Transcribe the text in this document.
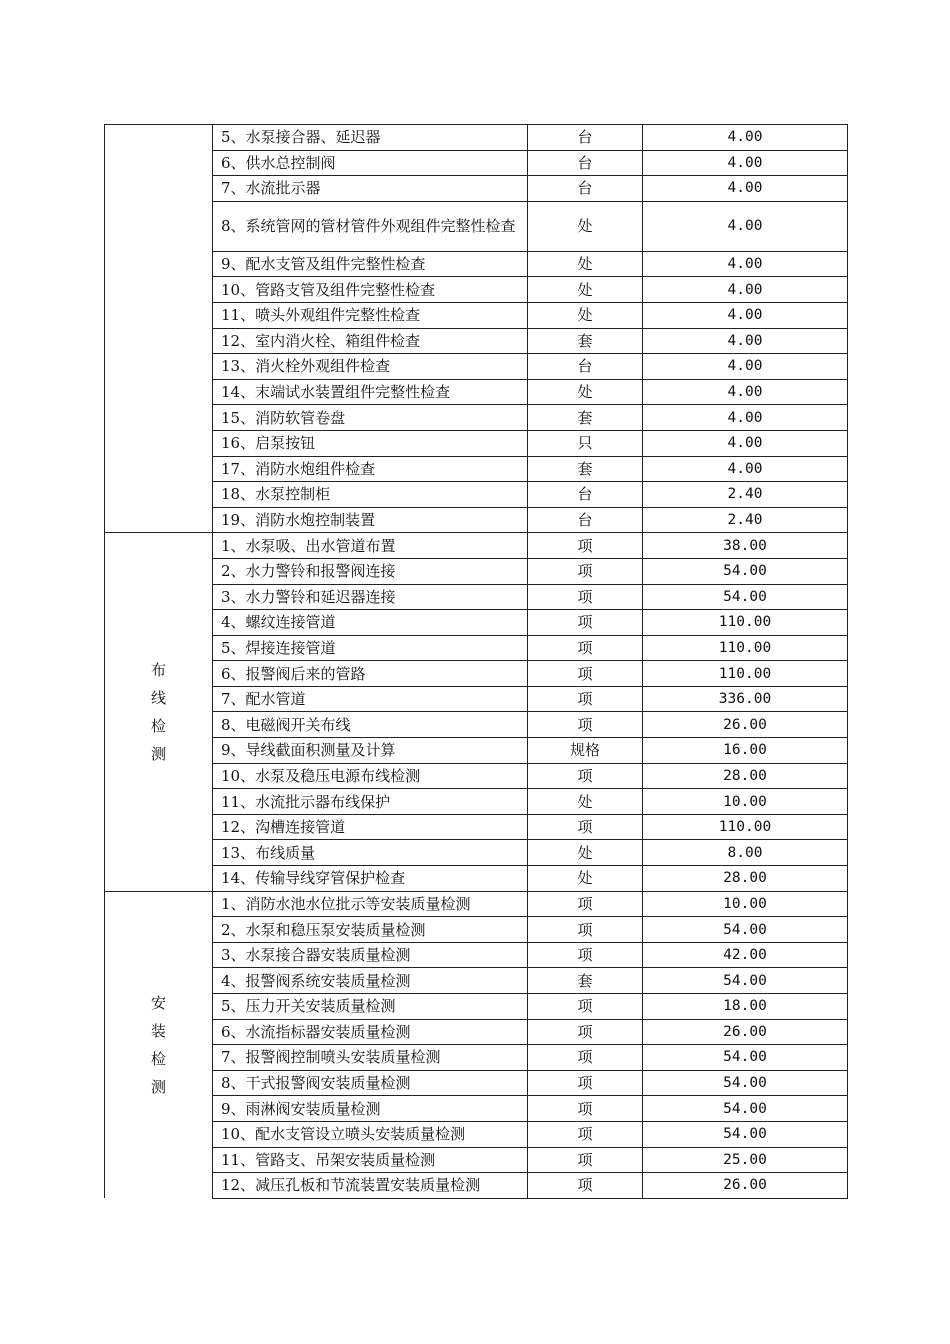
	5、水泵接合器、延迟器	台	4.00
	6、供水总控制阀	台	4.00
	7、水流批示器	台	4.00
	8、系统管网的管材管件外观组件完整性检查	处	4.00
	9、配水支管及组件完整性检查	处	4.00
	10、管路支管及组件完整性检查	处	4.00
	11、喷头外观组件完整性检查	处	4.00
	12、室内消火栓、箱组件检查	套	4.00
	13、消火栓外观组件检查	台	4.00
	14、末端试水装置组件完整性检查	处	4.00
	15、消防软管卷盘	套	4.00
	16、启泵按钮	只	4.00
	17、消防水炮组件检查	套	4.00
	18、水泵控制柜	台	2.40
	19、消防水炮控制装置	台	2.40
布线检测	1、水泵吸、出水管道布置	项	38.00
	2、水力警铃和报警阀连接	项	54.00
	3、水力警铃和延迟器连接	项	54.00
	4、螺纹连接管道	项	110.00
	5、焊接连接管道	项	110.00
	6、报警阀后来的管路	项	110.00
	7、配水管道	项	336.00
	8、电磁阀开关布线	项	26.00
	9、导线截面积测量及计算	规格	16.00
	10、水泵及稳压电源布线检测	项	28.00
	11、水流批示器布线保护	处	10.00
	12、沟槽连接管道	项	110.00
	13、布线质量	处	8.00
	14、传输导线穿管保护检查	处	28.00
安装检测	1、消防水池水位批示等安装质量检测	项	10.00
	2、水泵和稳压泵安装质量检测	项	54.00
	3、水泵接合器安装质量检测	项	42.00
	4、报警阀系统安装质量检测	套	54.00
	5、压力开关安装质量检测	项	18.00
	6、水流指标器安装质量检测	项	26.00
	7、报警阀控制喷头安装质量检测	项	54.00
	8、干式报警阀安装质量检测	项	54.00
	9、雨淋阀安装质量检测	项	54.00
	10、配水支管设立喷头安装质量检测	项	54.00
	11、管路支、吊架安装质量检测	项	25.00
	12、减压孔板和节流装置安装质量检测	项	26.00
